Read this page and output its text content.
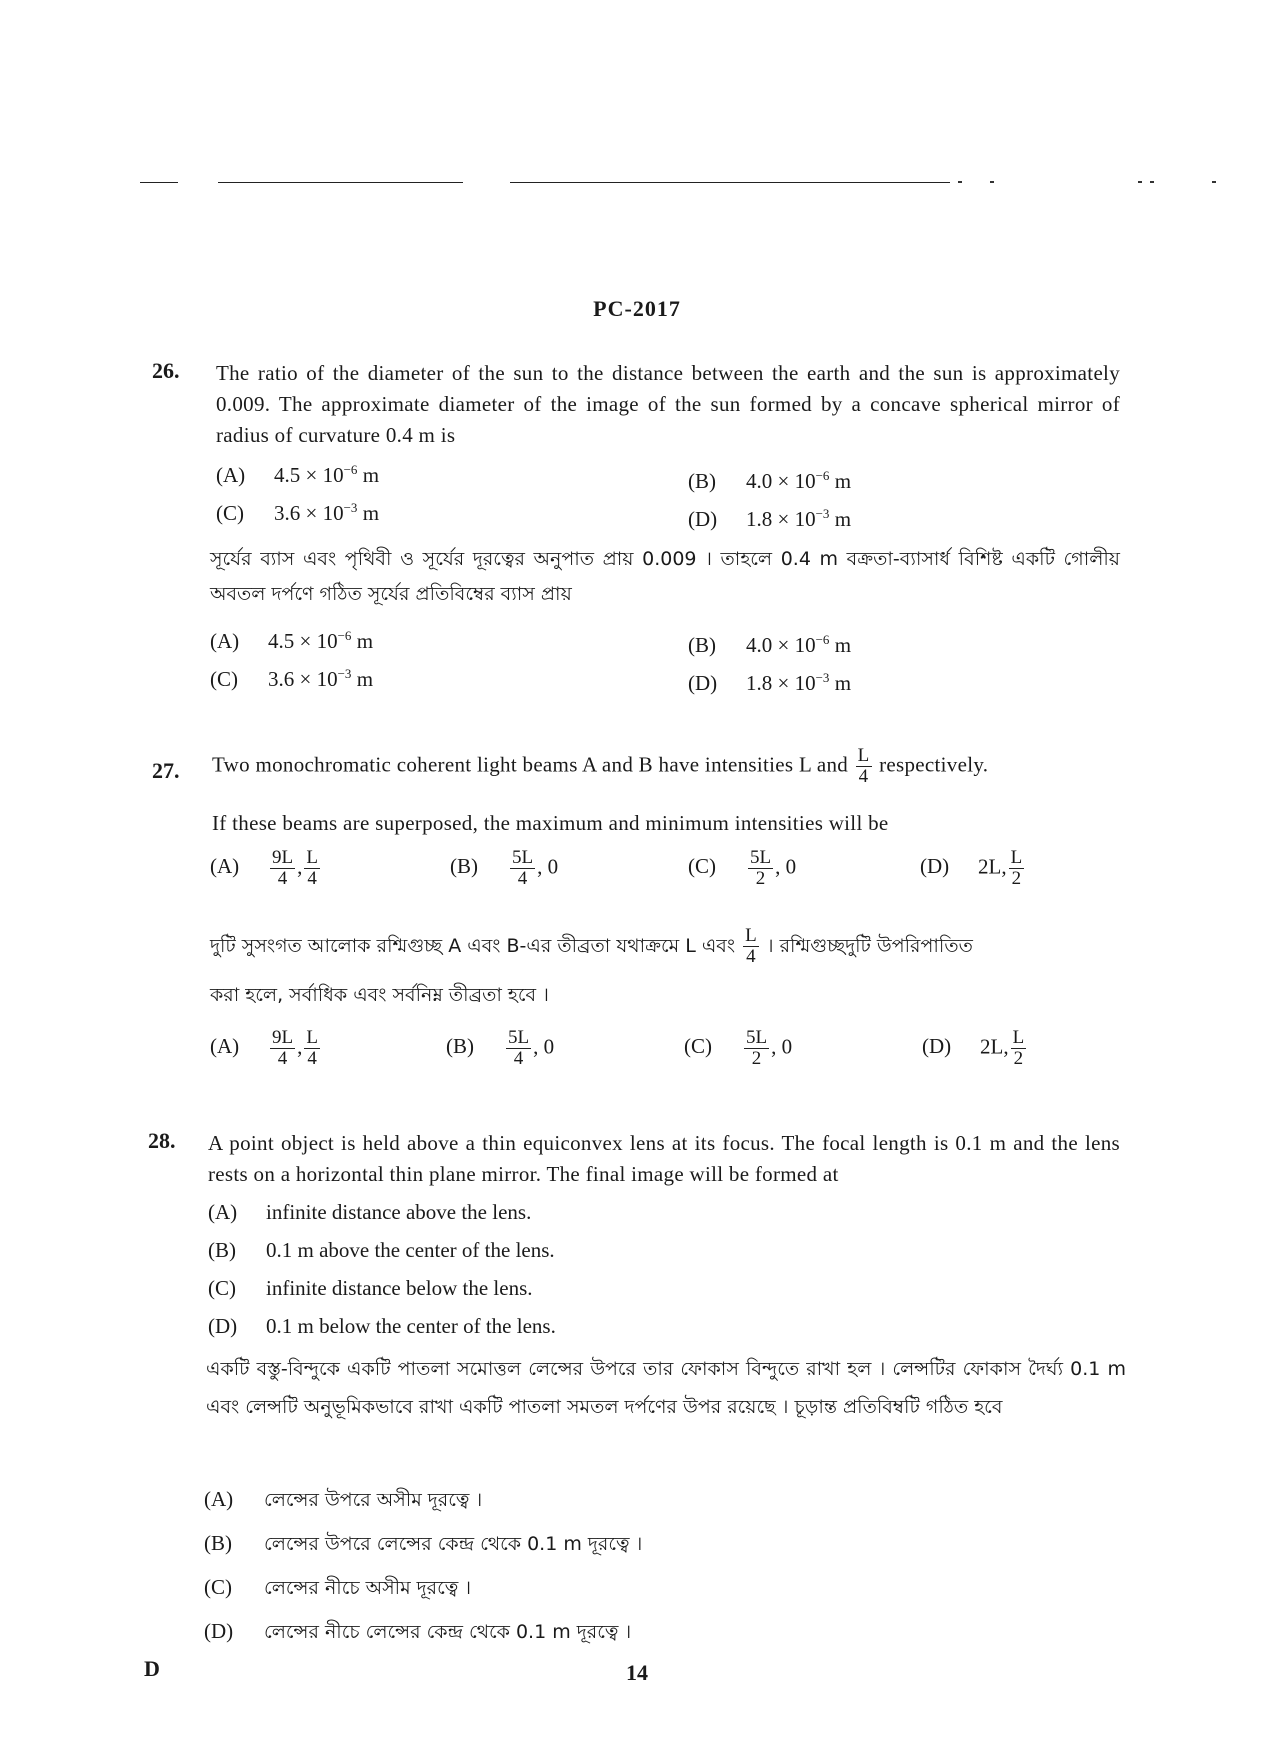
PC-2017
26. The ratio of the diameter of the sun to the distance between the earth and the sun is approximately 0.009. The approximate diameter of the image of the sun formed by a concave spherical mirror of radius of curvature 0.4 m is
(A) $4.5 \times 10^{-6}$ m	(B) $4.0 \times 10^{-6}$ m
(C) $3.6 \times 10^{-3}$ m	(D) $1.8 \times 10^{-3}$ m
সূর্যের ব্যাস এবং পৃথিবী ও সূর্যের দূরত্বের অনুপাত প্রায় 0.009 । তাহলে 0.4 m বক্রতা-ব্যাসার্ধ বিশিষ্ট একটি গোলীয় অবতল দর্পণে গঠিত সূর্যের প্রতিবিম্বের ব্যাস প্রায়
(A) $4.5 \times 10^{-6}$ m	(B) $4.0 \times 10^{-6}$ m
(C) $3.6 \times 10^{-3}$ m	(D) $1.8 \times 10^{-3}$ m
27. Two monochromatic coherent light beams A and B have intensities L and $\frac{L}{4}$ respectively.
If these beams are superposed, the maximum and minimum intensities will be
$(A) \frac{9L}{4}$ , $\frac{L}{4}$	$(B) \frac{5L}{4}$ , 0	$(C) \frac{5L}{2}$ , 0	(D) 2L, $\frac{L}{2}$
দুটি সুসংগত আলোক রশ্মিগুচ্ছ A এবং B-এর তীব্রতা যথাক্রমে L এবং $\frac{L}{4}$ । রশ্মিগুচ্ছদুটি উপরিপাতিত
করা হলে, সর্বাধিক এবং সর্বনিম্ন তীব্রতা হবে ।
$(A) \frac{9L}{4}$ , $\frac{L}{4}$	$(B) \frac{5L}{4}$ , 0	$(C) \frac{5L}{2}$ , 0	(D) 2L, $\frac{L}{2}$
28. A point object is held above a thin equiconvex lens at its focus. The focal length is 0.1 m and the lens rests on a horizontal thin plane mirror. The final image will be formed at
(A) infinite distance above the lens.
(B) 0.1 m above the center of the lens.
(C) infinite distance below the lens.
(D) 0.1 m below the center of the lens.
একটি বস্তু-বিন্দুকে একটি পাতলা সমোত্তল লেন্সের উপরে তার ফোকাস বিন্দুতে রাখা হল । লেন্সটির ফোকাস দৈর্ঘ্য 0.1 m এবং লেন্সটি অনুভূমিকভাবে রাখা একটি পাতলা সমতল দর্পণের উপর রয়েছে । চূড়ান্ত প্রতিবিম্বটি গঠিত হবে
(A) লেন্সের উপরে অসীম দূরত্বে ।
(B) লেন্সের উপরে লেন্সের কেন্দ্র থেকে 0.1 m দূরত্বে ।
(C) লেন্সের নীচে অসীম দূরত্বে ।
(D) লেন্সের নীচে লেন্সের কেন্দ্র থেকে 0.1 m দূরত্বে ।
D	14
